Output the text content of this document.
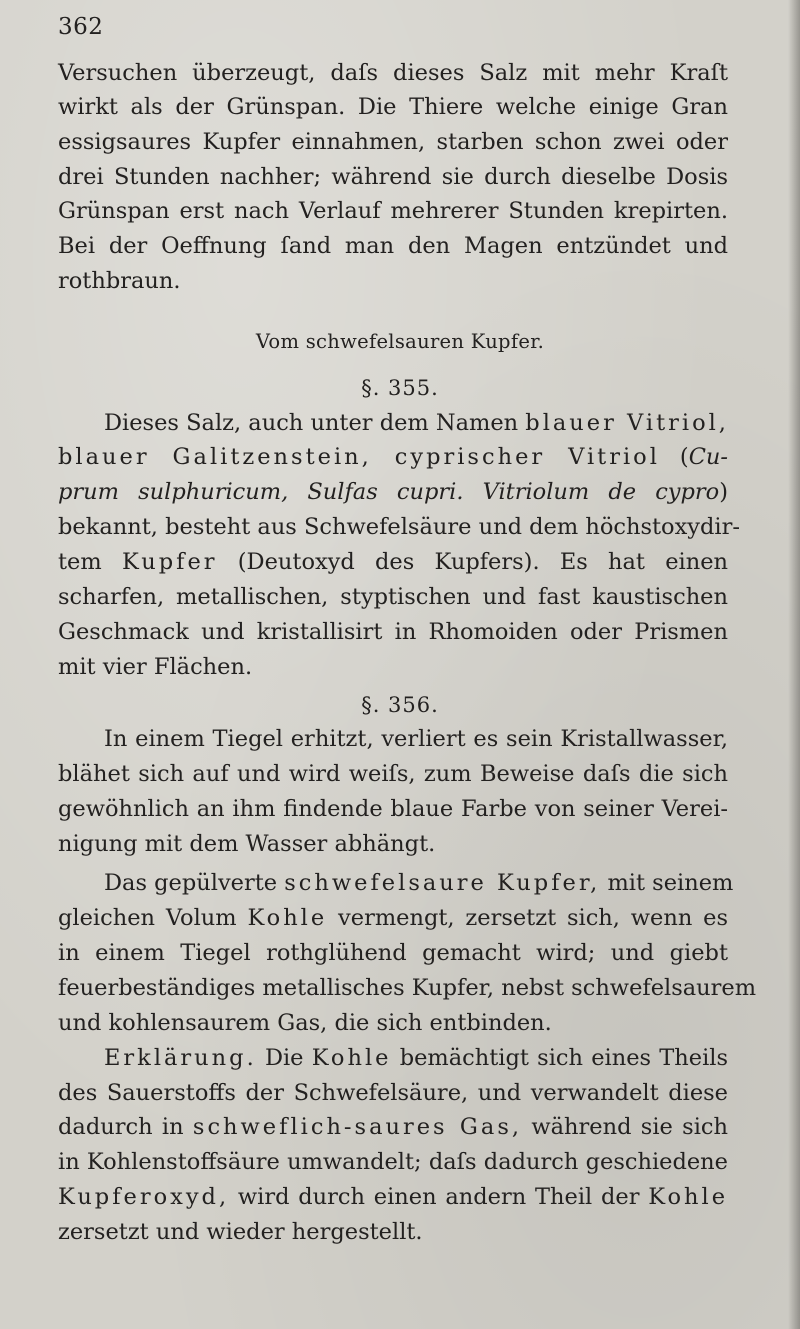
362
Versuchen überzeugt, daſs dieses Salz mit mehr Kraſt
wirkt als der Grünspan. Die Thiere welche einige Gran
essigsaures Kupfer einnahmen, starben schon zwei oder
drei Stunden nachher; während sie durch dieselbe Dosis
Grünspan erst nach Verlauf mehrerer Stunden krepirten.
Bei der Oeffnung ſand man den Magen entzündet und
rothbraun.
Vom schwefelsauren Kupfer.
§. 355.
Dieses Salz, auch unter dem Namen blauer Vitriol,
blauer Galitzenstein, cyprischer Vitriol (Cu-
prum sulphuricum, Sulfas cupri. Vitriolum de cypro)
bekannt, besteht aus Schwefelsäure und dem höchstoxydir-
tem Kupfer (Deutoxyd des Kupfers). Es hat einen
scharfen, metallischen, styptischen und fast kaustischen
Geschmack und kristallisirt in Rhomoiden oder Prismen
mit vier Flächen.
§. 356.
In einem Tiegel erhitzt, verliert es sein Kristallwasser,
blähet sich auf und wird weiſs, zum Beweise daſs die sich
gewöhnlich an ihm findende blaue Farbe von seiner Verei-
nigung mit dem Wasser abhängt.
Das gepülverte schwefelsaure Kupfer, mit seinem
gleichen Volum Kohle vermengt, zersetzt sich, wenn es
in einem Tiegel rothglühend gemacht wird; und giebt
feuerbeständiges metallisches Kupfer, nebst schwefelsaurem
und kohlensaurem Gas, die sich entbinden.
Erklärung. Die Kohle bemächtigt sich eines Theils
des Sauerstoffs der Schwefelsäure, und verwandelt diese
dadurch in schweflich-saures Gas, während sie sich
in Kohlenstoffsäure umwandelt; daſs dadurch geschiedene
Kupferoxyd, wird durch einen andern Theil der Kohle
zersetzt und wieder hergestellt.
